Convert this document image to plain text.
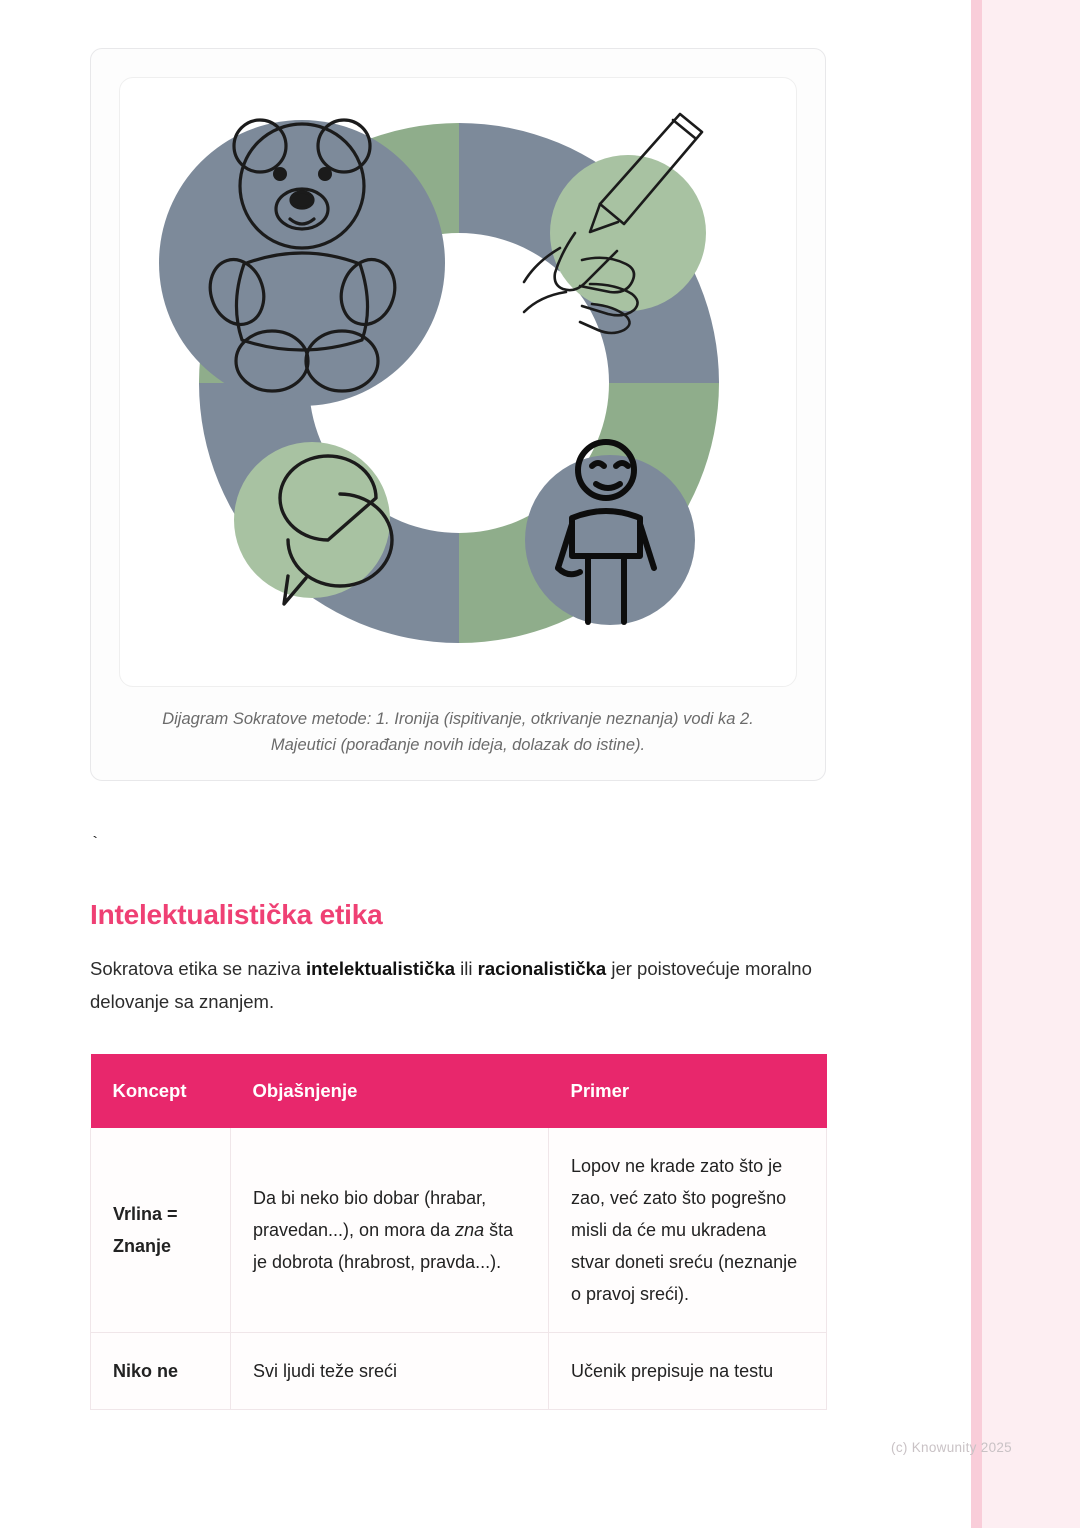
Dijagram Sokratove metode: 1. Ironija (ispitivanje, otkrivanje neznanja) vodi ka 2. Majeutici (porađanje novih ideja, dolazak do istine).
`
Intelektualistička etika

Sokratova etika se naziva intelektualistička ili racionalistička jer poistovećuje moralno delovanje sa znanjem.

Koncept	Objašnjenje	Primer
Vrlina = Znanje	Da bi neko bio dobar (hrabar, pravedan...), on mora da zna šta je dobrota (hrabrost, pravda...).	Lopov ne krade zato što je zao, već zato što pogrešno misli da će mu ukradena stvar doneti sreću (neznanje o pravoj sreći).
Niko ne	Svi ljudi teže sreći	Učenik prepisuje na testu
(c) Knowunity 2025
